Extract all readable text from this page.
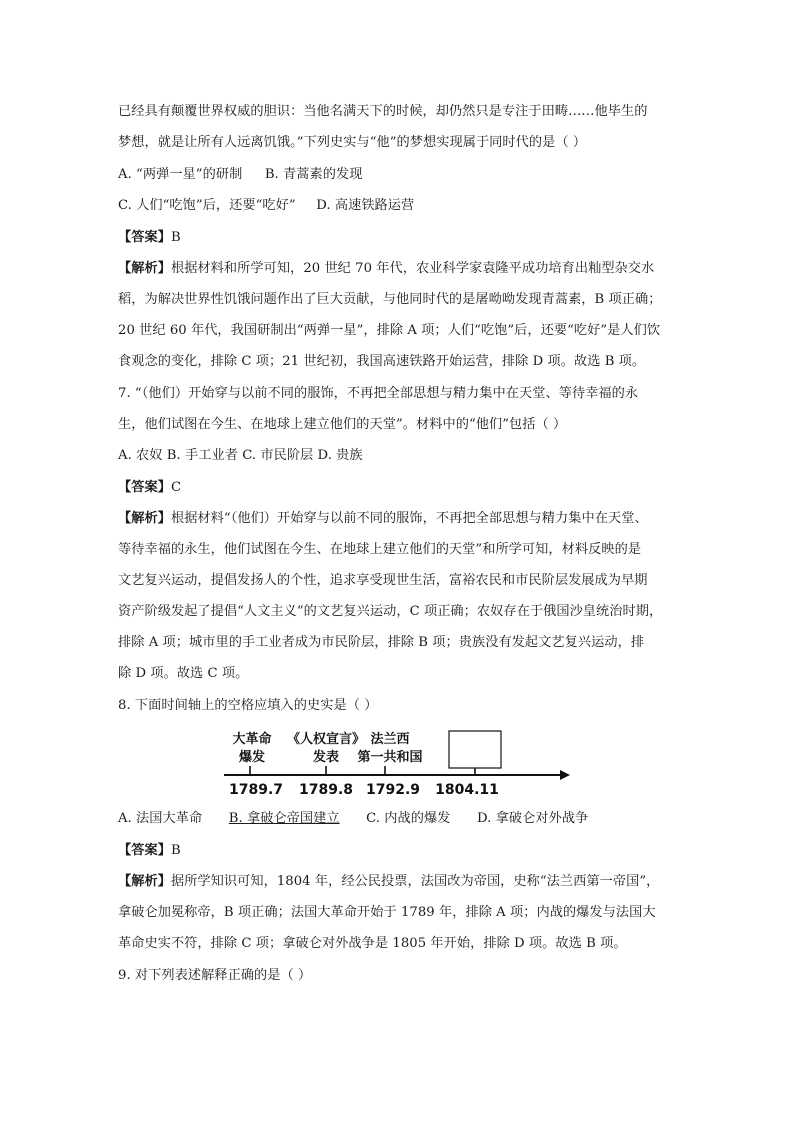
已经具有颠覆世界权威的胆识：当他名满天下的时候，却仍然只是专注于田畴……他毕生的
梦想，就是让所有人远离饥饿。”下列史实与“他”的梦想实现属于同时代的是（ ）
A. “两弹一星”的研制 B. 青蒿素的发现
C. 人们“吃饱”后，还要“吃好” D. 高速铁路运营
【答案】B
【解析】根据材料和所学可知，20 世纪 70 年代，农业科学家袁隆平成功培育出籼型杂交水
稻，为解决世界性饥饿问题作出了巨大贡献，与他同时代的是屠呦呦发现青蒿素，B 项正确；
20 世纪 60 年代，我国研制出“两弹一星”，排除 A 项；人们“吃饱”后，还要“吃好”是人们饮
食观念的变化，排除 C 项；21 世纪初，我国高速铁路开始运营，排除 D 项。故选 B 项。
7. “（他们）开始穿与以前不同的服饰，不再把全部思想与精力集中在天堂、等待幸福的永
生，他们试图在今生、在地球上建立他们的天堂”。材料中的“他们”包括（ ）
A. 农奴 B. 手工业者 C. 市民阶层 D. 贵族
【答案】C
【解析】根据材料“（他们）开始穿与以前不同的服饰，不再把全部思想与精力集中在天堂、
等待幸福的永生，他们试图在今生、在地球上建立他们的天堂”和所学可知，材料反映的是
文艺复兴运动，提倡发扬人的个性，追求享受现世生活，富裕农民和市民阶层发展成为早期
资产阶级发起了提倡“人文主义”的文艺复兴运动，C 项正确；农奴存在于俄国沙皇统治时期，
排除 A 项；城市里的手工业者成为市民阶层，排除 B 项；贵族没有发起文艺复兴运动，排
除 D 项。故选 C 项。
8. 下面时间轴上的空格应填入的史实是（ ）
大革命
爆发
《人权宣言》
发表
法兰西
第一共和国
1789.7 1789.8 1792.9 1804.11
A. 法国大革命 B. 拿破仑帝国建立 C. 内战的爆发 D. 拿破仑对外战争
【答案】B
【解析】据所学知识可知，1804 年，经公民投票，法国改为帝国，史称“法兰西第一帝国”，
拿破仑加冕称帝，B 项正确；法国大革命开始于 1789 年，排除 A 项；内战的爆发与法国大
革命史实不符，排除 C 项；拿破仑对外战争是 1805 年开始，排除 D 项。故选 B 项。
9. 对下列表述解释正确的是（ ）
